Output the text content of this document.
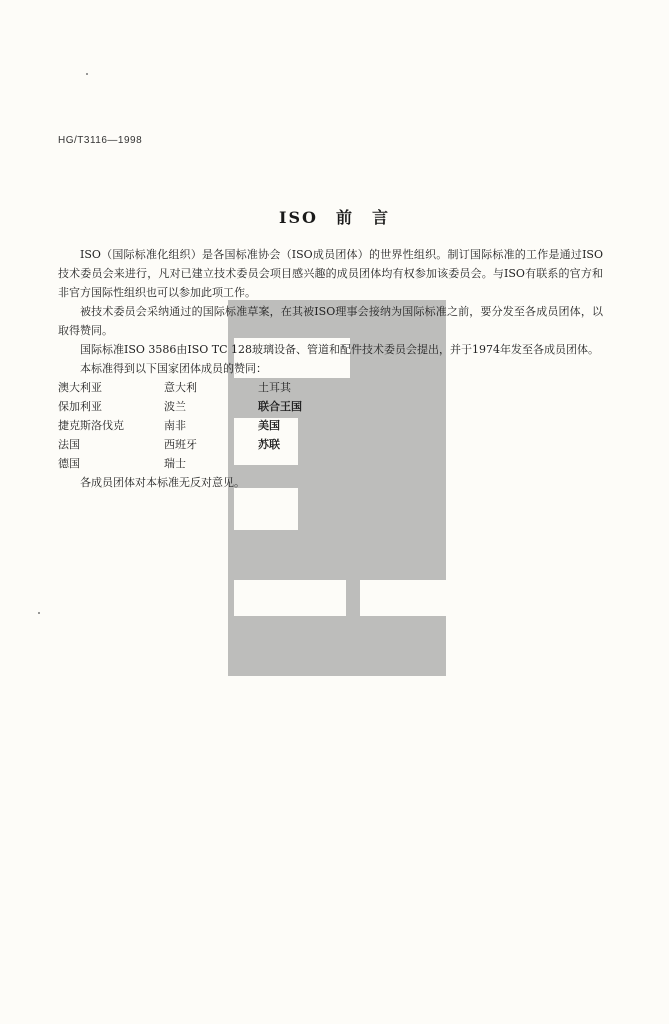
HG/T3116—1998
ISO 前 言

ISO（国际标准化组织）是各国标准协会（ISO成员团体）的世界性组织。制订国际标准的工作是通过ISO技术委员会来进行，凡对已建立技术委员会项目感兴趣的成员团体均有权参加该委员会。与ISO有联系的官方和非官方国际性组织也可以参加此项工作。

被技术委员会采纳通过的国际标准草案，在其被ISO理事会接纳为国际标准之前，要分发至各成员团体，以取得赞同。

国际标准ISO 3586由ISO TC 128玻璃设备、管道和配件技术委员会提出，并于1974年发至各成员团体。

本标准得到以下国家团体成员的赞同：

澳大利亚	意大利	土耳其
保加利亚	波兰	联合王国
捷克斯洛伐克	南非	美国
法国	西班牙	苏联
德国	瑞士

各成员团体对本标准无反对意见。
